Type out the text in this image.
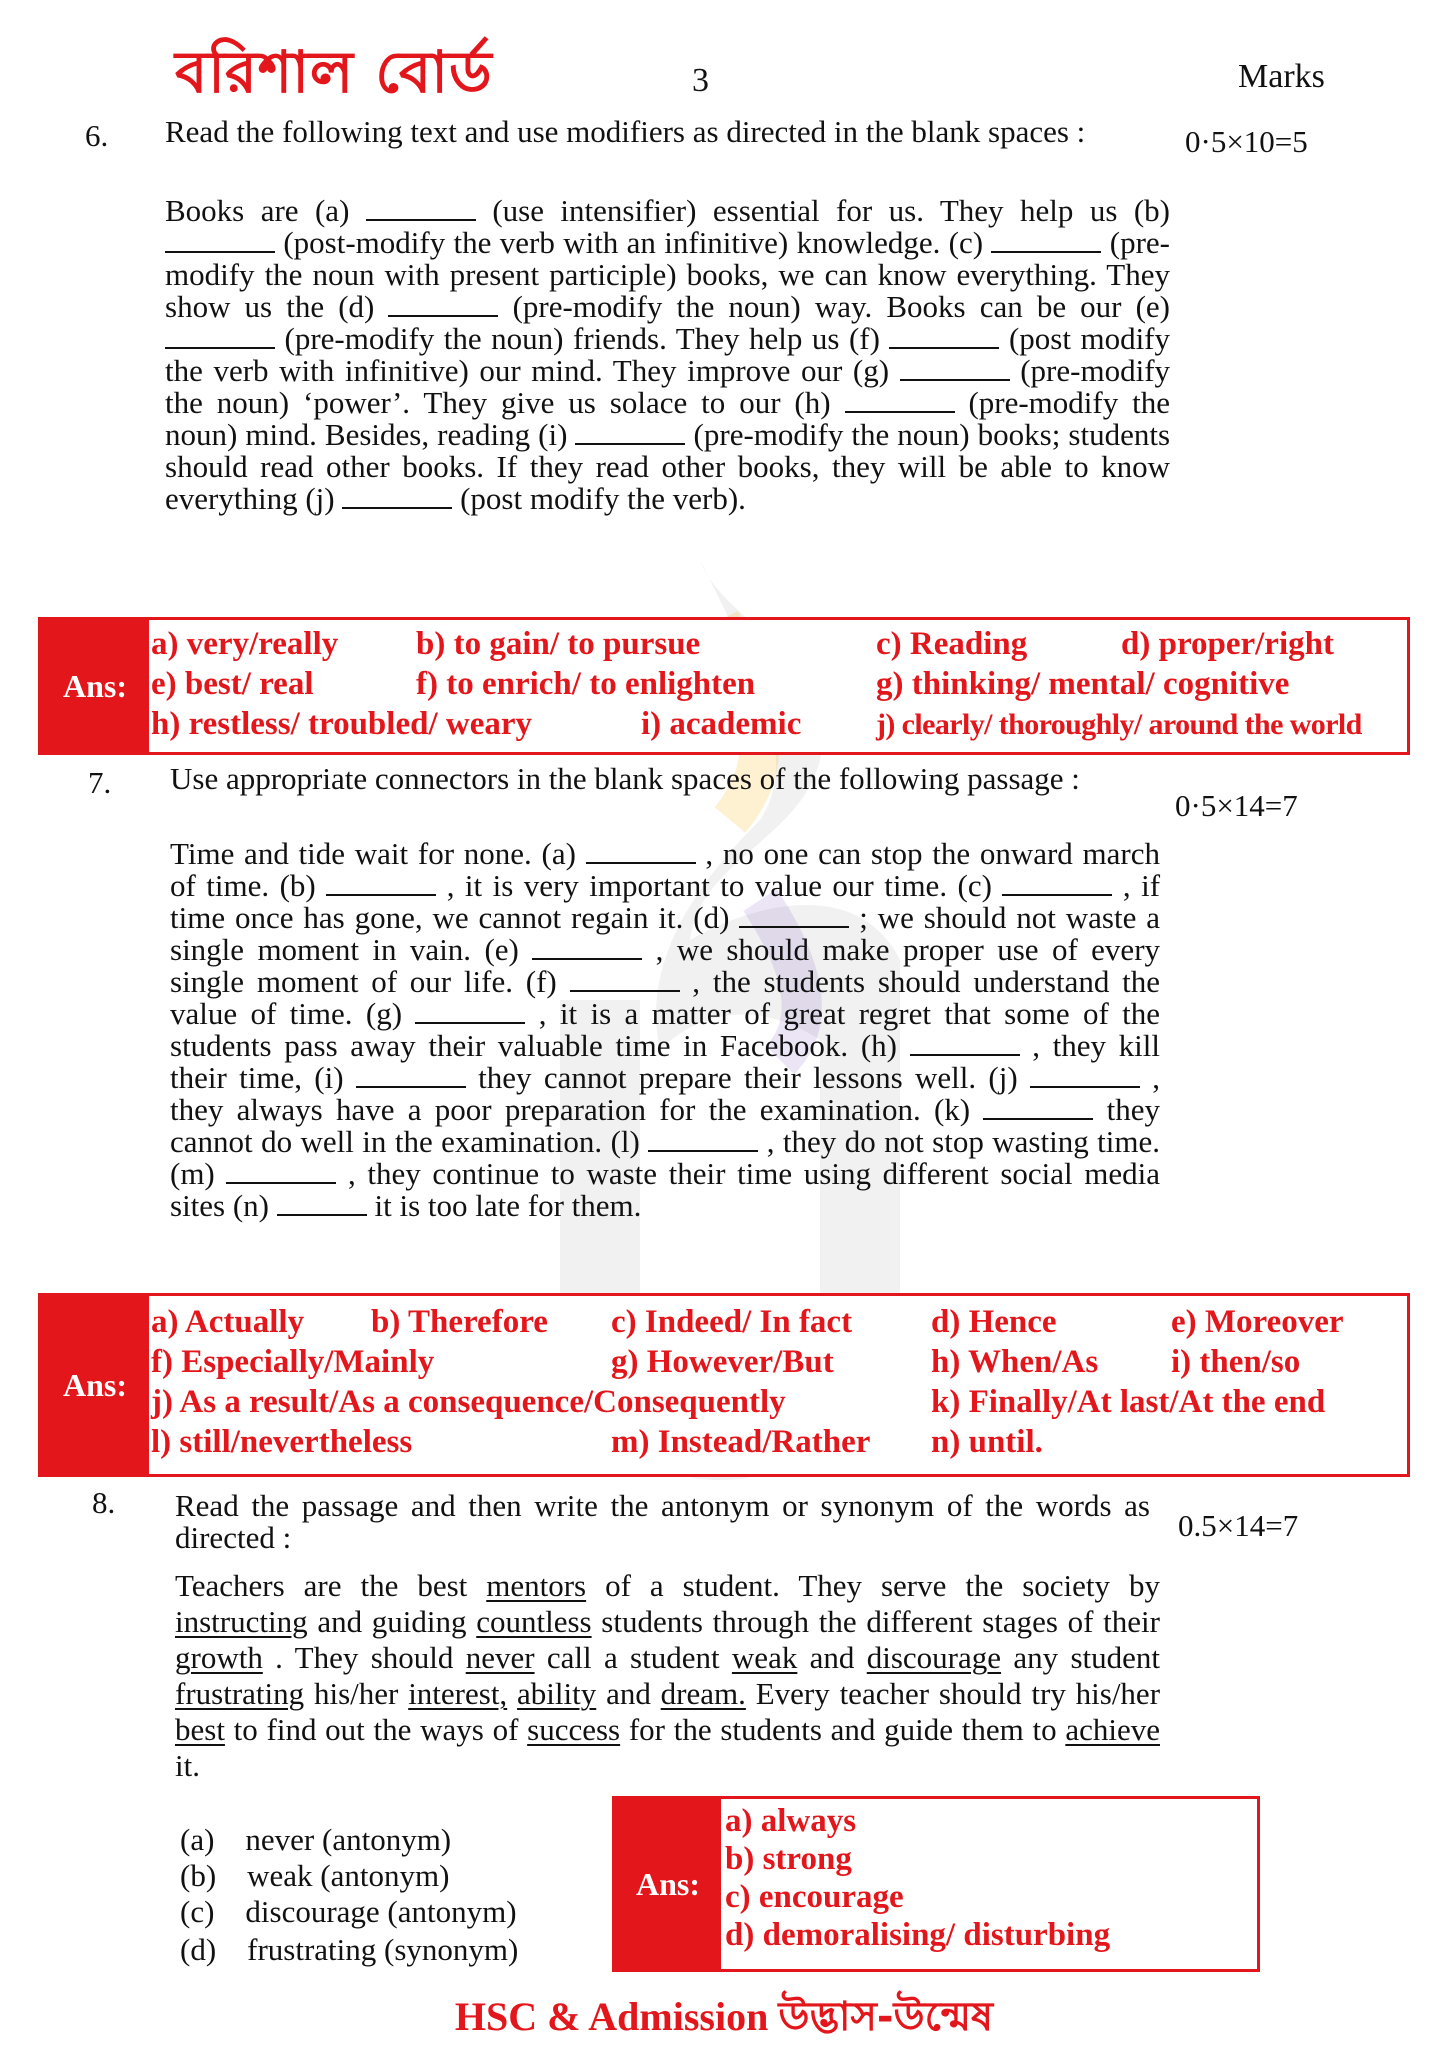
বরিশাল বোর্ড	3	Marks
6. Read the following text and use modifiers as directed in the blank spaces :	0·5×10=5
Books are (a)	(use intensifier) essential for us. They help us (b)  (post-modify the verb with an infinitive) knowledge. (c)	(pre-modify the noun with present participle) books, we can know everything. They show us the (d)	(pre-modify the noun) way. Books can be our (e)  (pre-modify the noun) friends. They help us (f)	(post modify the verb with infinitive) our mind. They improve our (g)	(pre-modify the noun) ‘power’. They give us solace to our (h)	(pre-modify the noun) mind. Besides, reading (i)	(pre-modify the noun) books; students should read other books. If they read other books, they will be able to know everything (j)	(post modify the verb).
Ans:
a) very/really b) to gain/ to pursue	c) Reading	d) proper/right
e) best/ real	f) to enrich/ to enlighten	g) thinking/ mental/ cognitive
h) restless/ troubled/ weary	i) academic j) clearly/ thoroughly/ around the world
7. Use appropriate connectors in the blank spaces of the following passage :
0·5×14=7
Time and tide wait for none. (a)	, no one can stop the onward march of time. (b)	, it is very important to value our time. (c)	, if time once has gone, we cannot regain it. (d)	; we should not waste a single moment in vain. (e)	, we should make proper use of every single moment of our life. (f)	, the students should understand the value of time. (g)	, it is a matter of great regret that some of the students pass away their valuable time in Facebook. (h)	, they kill their time, (i)	they cannot prepare their lessons well. (j)	, they always have a poor preparation for the examination. (k)	they cannot do well in the examination. (l)	, they do not stop wasting time. (m)	, they continue to waste their time using different social media sites (n)	it is too late for them.
Ans:
a) Actually b) Therefore c) Indeed/ In fact d) Hence	e) Moreover
f) Especially/Mainly	g) However/But	h) When/As i) then/so
j) As a result/As a consequence/Consequently	k) Finally/At last/At the end
l) still/nevertheless	m) Instead/Rather n) until.
8. Read the passage and then write the antonym or synonym of the words as directed :	0.5×14=7
Teachers are the best mentors of a student. They serve the society by instructing and guiding countless students through the different stages of their growth . They should never call a student weak and discourage any student frustrating his/her interest, ability and dream. Every teacher should try his/her best to find out the ways of success for the students and guide them to achieve it.
(a) never (antonym)
(b) weak (antonym)
(c) discourage (antonym)
(d) frustrating (synonym)
Ans:
a) always
b) strong
c) encourage
d) demoralising/ disturbing
HSC & Admission উদ্ভাস-উন্মেষ
